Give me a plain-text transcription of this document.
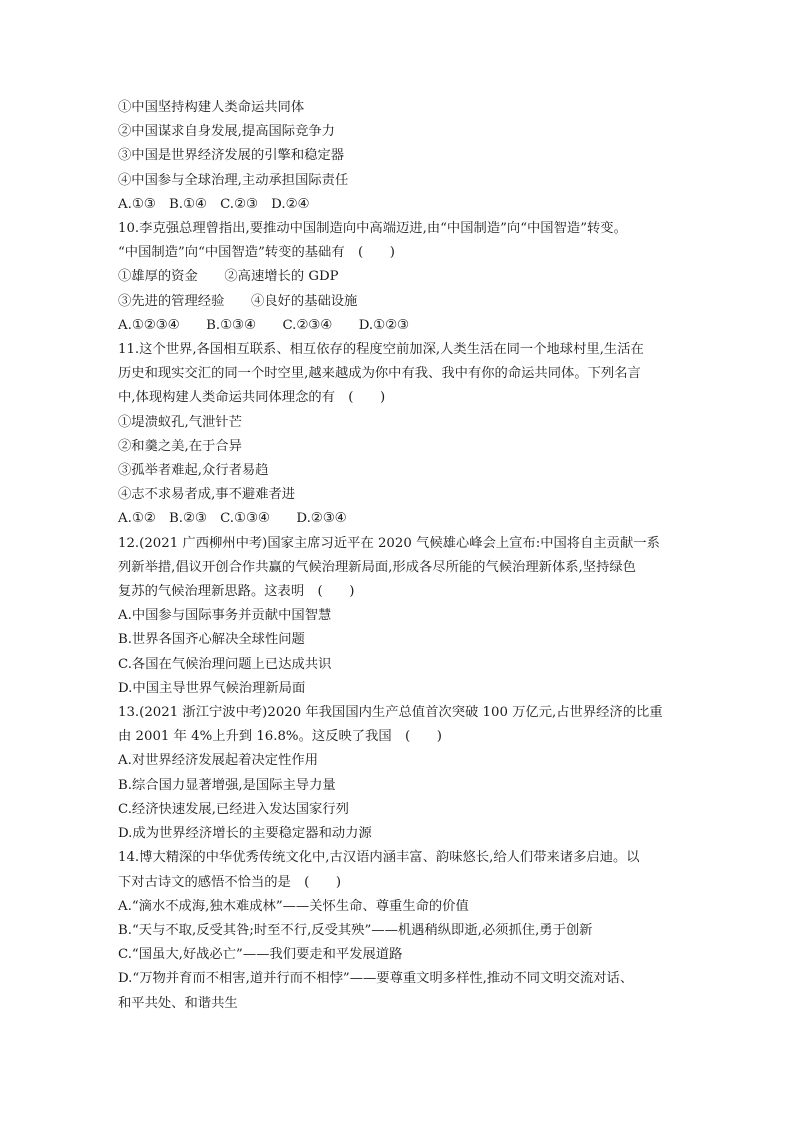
①中国坚持构建人类命运共同体
②中国谋求自身发展,提高国际竞争力
③中国是世界经济发展的引擎和稳定器
④中国参与全球治理,主动承担国际责任
A.①③　B.①④　C.②③　D.②④
10.李克强总理曾指出,要推动中国制造向中高端迈进,由“中国制造”向“中国智造”转变。
“中国制造”向“中国智造”转变的基础有　(　　)
①雄厚的资金　　②高速增长的 GDP
③先进的管理经验　　④良好的基础设施
A.①②③④　　B.①③④　　C.②③④　　D.①②③
11.这个世界,各国相互联系、相互依存的程度空前加深,人类生活在同一个地球村里,生活在
历史和现实交汇的同一个时空里,越来越成为你中有我、我中有你的命运共同体。下列名言
中,体现构建人类命运共同体理念的有　(　　)
①堤溃蚁孔,气泄针芒
②和羹之美,在于合异
③孤举者难起,众行者易趋
④志不求易者成,事不避难者进
A.①②　B.②③　C.①③④　　D.②③④
12.(2021 广西柳州中考)国家主席习近平在 2020 气候雄心峰会上宣布:中国将自主贡献一系
列新举措,倡议开创合作共赢的气候治理新局面,形成各尽所能的气候治理新体系,坚持绿色
复苏的气候治理新思路。这表明　(　　)
A.中国参与国际事务并贡献中国智慧
B.世界各国齐心解决全球性问题
C.各国在气候治理问题上已达成共识
D.中国主导世界气候治理新局面
13.(2021 浙江宁波中考)2020 年我国国内生产总值首次突破 100 万亿元,占世界经济的比重
由 2001 年 4%上升到 16.8%。这反映了我国　(　　)
A.对世界经济发展起着决定性作用
B.综合国力显著增强,是国际主导力量
C.经济快速发展,已经进入发达国家行列
D.成为世界经济增长的主要稳定器和动力源
14.博大精深的中华优秀传统文化中,古汉语内涵丰富、韵味悠长,给人们带来诸多启迪。以
下对古诗文的感悟不恰当的是　(　　)
A.“滴水不成海,独木难成林”——关怀生命、尊重生命的价值
B.“天与不取,反受其咎;时至不行,反受其殃”——机遇稍纵即逝,必须抓住,勇于创新
C.“国虽大,好战必亡”——我们要走和平发展道路
D.“万物并育而不相害,道并行而不相悖”——要尊重文明多样性,推动不同文明交流对话、
和平共处、和谐共生
